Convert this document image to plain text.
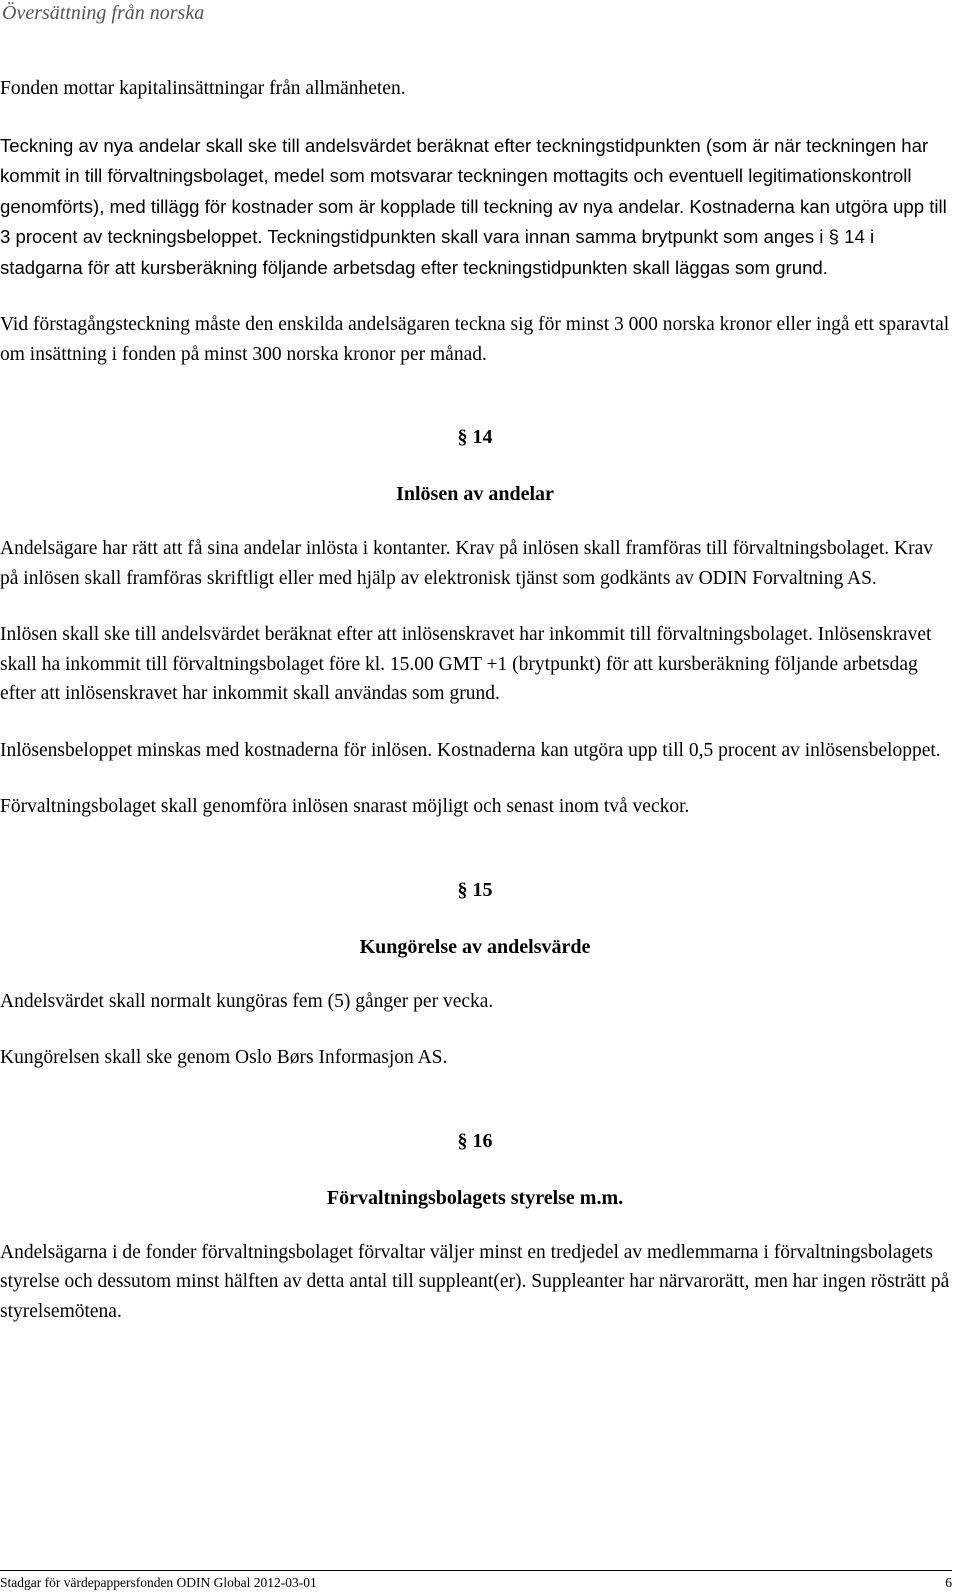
Översättning från norska

Fonden mottar kapitalinsättningar från allmänheten.

Teckning av nya andelar skall ske till andelsvärdet beräknat efter teckningstidpunkten (som är när teckningen har kommit in till förvaltningsbolaget, medel som motsvarar teckningen mottagits och eventuell legitimationskontroll genomförts), med tillägg för kostnader som är kopplade till teckning av nya andelar. Kostnaderna kan utgöra upp till 3 procent av teckningsbeloppet. Teckningstidpunkten skall vara innan samma brytpunkt som anges i § 14 i stadgarna för att kursberäkning följande arbetsdag efter teckningstidpunkten skall läggas som grund.

Vid förstagångsteckning måste den enskilda andelsägaren teckna sig för minst 3 000 norska kronor eller ingå ett sparavtal om insättning i fonden på minst 300 norska kronor per månad.

§ 14
Inlösen av andelar

Andelsägare har rätt att få sina andelar inlösta i kontanter. Krav på inlösen skall framföras till förvaltningsbolaget. Krav på inlösen skall framföras skriftligt eller med hjälp av elektronisk tjänst som godkänts av ODIN Forvaltning AS.

Inlösen skall ske till andelsvärdet beräknat efter att inlösenskravet har inkommit till förvaltningsbolaget. Inlösenskravet skall ha inkommit till förvaltningsbolaget före kl. 15.00 GMT +1 (brytpunkt) för att kursberäkning följande arbetsdag efter att inlösenskravet har inkommit skall användas som grund.

Inlösensbeloppet minskas med kostnaderna för inlösen. Kostnaderna kan utgöra upp till 0,5 procent av inlösensbeloppet.

Förvaltningsbolaget skall genomföra inlösen snarast möjligt och senast inom två veckor.

§ 15
Kungörelse av andelsvärde

Andelsvärdet skall normalt kungöras fem (5) gånger per vecka.

Kungörelsen skall ske genom Oslo Børs Informasjon AS.

§ 16
Förvaltningsbolagets styrelse m.m.

Andelsägarna i de fonder förvaltningsbolaget förvaltar väljer minst en tredjedel av medlemmarna i förvaltningsbolagets styrelse och dessutom minst hälften av detta antal till suppleant(er). Suppleanter har närvarorätt, men har ingen rösträtt på styrelsemötena.

Stadgar för värdepappersfonden ODIN Global 2012-03-01	6
